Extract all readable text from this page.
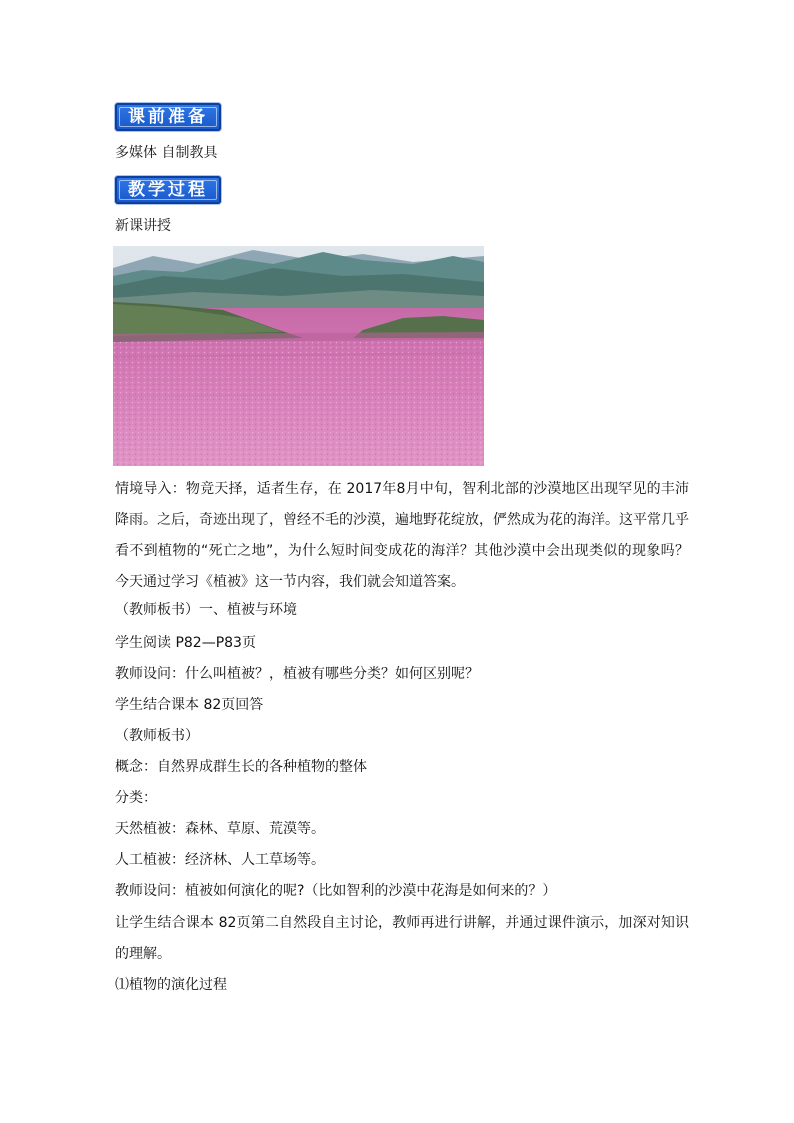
课前准备
多媒体 自制教具
教学过程
新课讲授
情境导入：物竞天择，适者生存，在 2017年8月中旬，智利北部的沙漠地区出现罕见的丰沛降雨。之后，奇迹出现了，曾经不毛的沙漠，遍地野花绽放，俨然成为花的海洋。这平常几乎看不到植物的“死亡之地”，为什么短时间变成花的海洋？其他沙漠中会出现类似的现象吗？今天通过学习《植被》这一节内容，我们就会知道答案。
（教师板书）一、植被与环境
学生阅读 P82—P83页
教师设问：什么叫植被？，植被有哪些分类？如何区别呢？
学生结合课本 82页回答
（教师板书）
概念：自然界成群生长的各种植物的整体
分类：
天然植被：森林、草原、荒漠等。
人工植被：经济林、人工草场等。
教师设问：植被如何演化的呢?（比如智利的沙漠中花海是如何来的？）
让学生结合课本 82页第二自然段自主讨论，教师再进行讲解，并通过课件演示，加深对知识的理解。
⑴植物的演化过程
